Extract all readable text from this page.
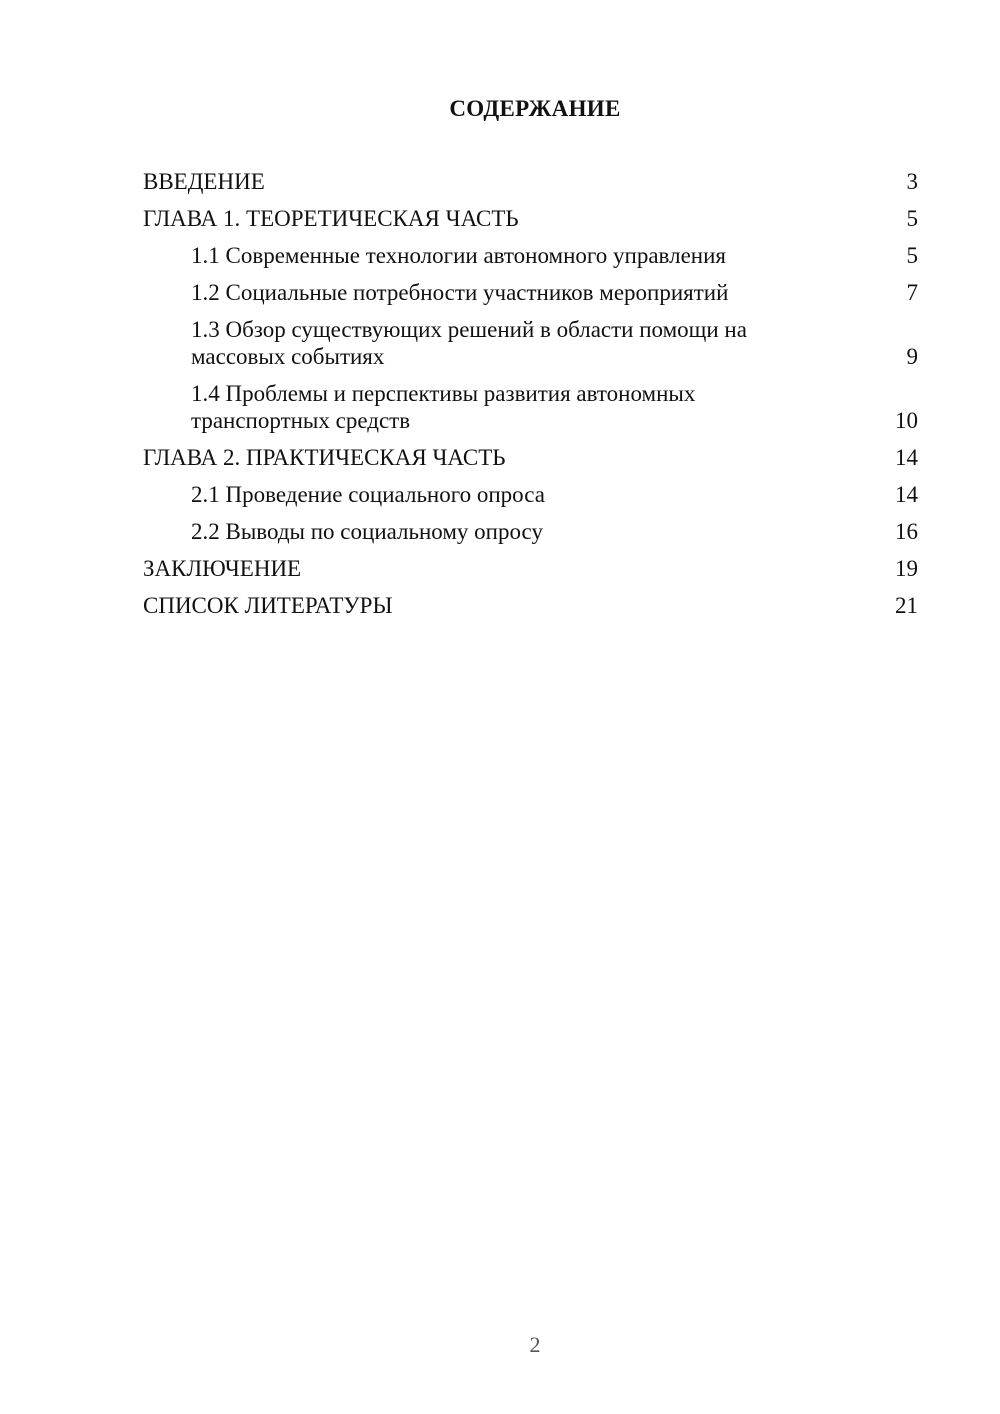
СОДЕРЖАНИЕ
ВВЕДЕНИЕ	3
ГЛАВА 1. ТЕОРЕТИЧЕСКАЯ ЧАСТЬ	5
1.1 Современные технологии автономного управления	5
1.2 Социальные потребности участников мероприятий	7
1.3 Обзор существующих решений в области помощи на массовых событиях	9
1.4 Проблемы и перспективы развития автономных транспортных средств	10
ГЛАВА 2. ПРАКТИЧЕСКАЯ ЧАСТЬ	14
2.1 Проведение социального опроса	14
2.2 Выводы по социальному опросу	16
ЗАКЛЮЧЕНИЕ	19
СПИСОК ЛИТЕРАТУРЫ	21
2
